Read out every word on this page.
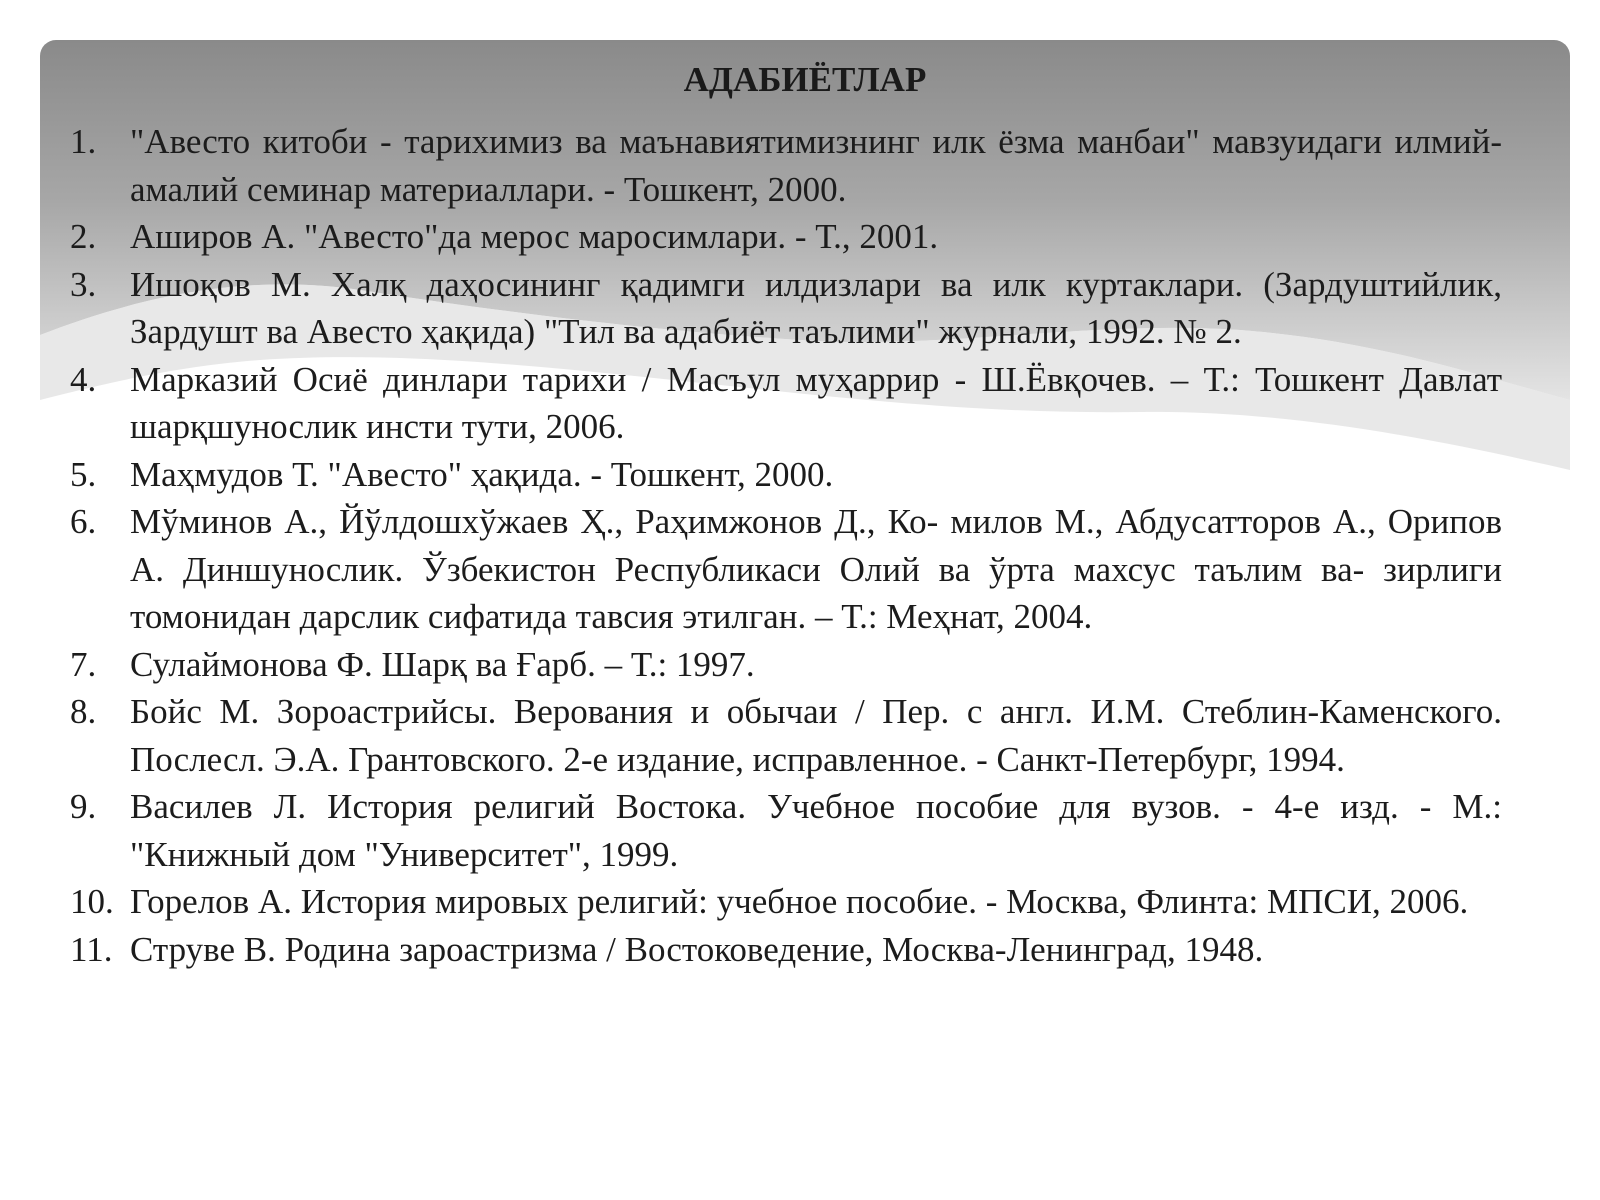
АДАБИЁТЛАР
1. "Авесто китоби - тарихимиз ва маънавиятимизнинг илк ёзма манбаи" мавзуидаги илмий-амалий семинар материаллари. - Тошкент, 2000.
2. Аширов А. "Авесто"да мерос маросимлари. - Т., 2001.
3. Ишоқов М. Халқ даҳосининг қадимги илдизлари ва илк куртаклари. (Зардуштийлик, Зардушт ва Авесто ҳақида) "Тил ва адабиёт таълими" журнали, 1992. № 2.
4. Марказий Осиё динлари тарихи / Масъул муҳаррир - Ш.Ёвқочев. – Т.: Тошкент Давлат шарқшунослик инсти тути, 2006.
5. Маҳмудов Т. "Авесто" ҳақида. - Тошкент, 2000.
6. Мўминов А., Йўлдошхўжаев Ҳ., Раҳимжонов Д., Ко- милов М., Абдусатторов А., Орипов А. Диншунослик. Ўзбекистон Республикаси Олий ва ўрта махсус таълим ва- зирлиги томонидан дарслик сифатида тавсия этилган. – Т.: Меҳнат, 2004.
7. Сулаймонова Ф. Шарқ ва Ғарб. – Т.: 1997.
8. Бойс М. Зороастрийсы. Верования и обычаи / Пер. с англ. И.М. Стеблин-Каменского. Послесл. Э.А. Грантовского. 2-е издание, исправленное. - Санкт-Петербург, 1994.
9. Василев Л. История религий Востока. Учебное пособие для вузов. - 4-е изд. - М.: "Книжный дом "Университет", 1999.
10. Горелов А. История мировых религий: учебное пособие. - Москва, Флинта: МПСИ, 2006.
11. Струве В. Родина зароастризма / Востоковедение, Москва-Ленинград, 1948.
